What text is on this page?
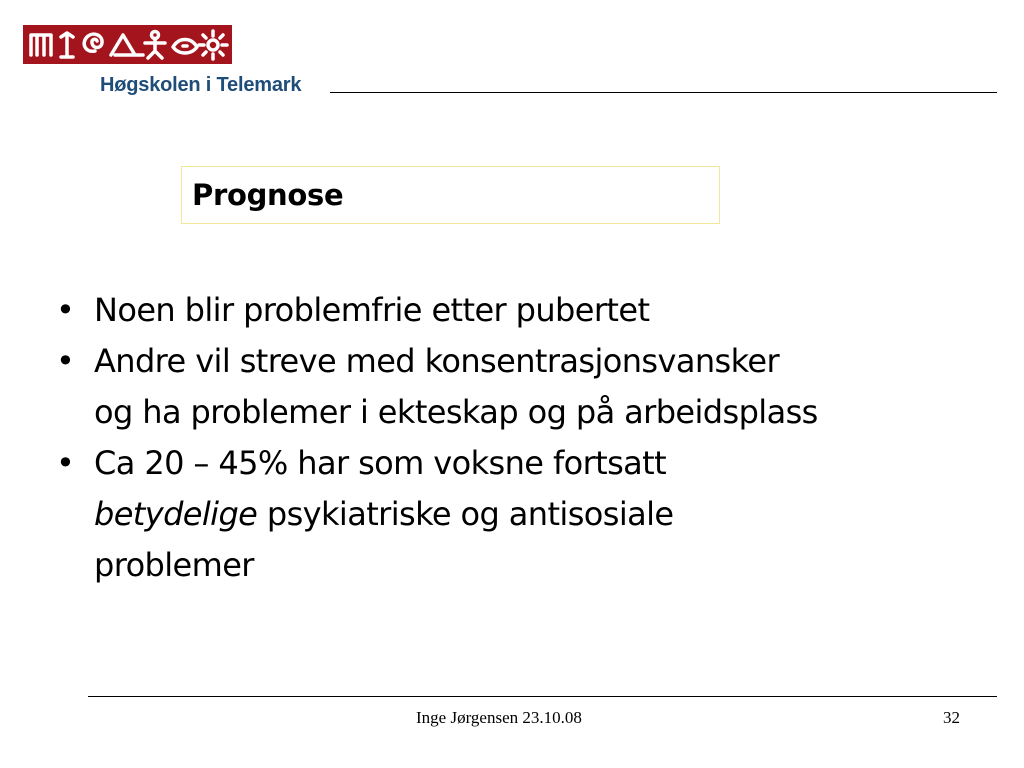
Høgskolen i Telemark
Prognose
• Noen blir problemfrie etter pubertet
• Andre vil streve med konsentrasjonsvansker
og ha problemer i ekteskap og på arbeidsplass
• Ca 20 – 45% har som voksne fortsatt
betydelige psykiatriske og antisosiale
problemer
Inge Jørgensen 23.10.08	32
